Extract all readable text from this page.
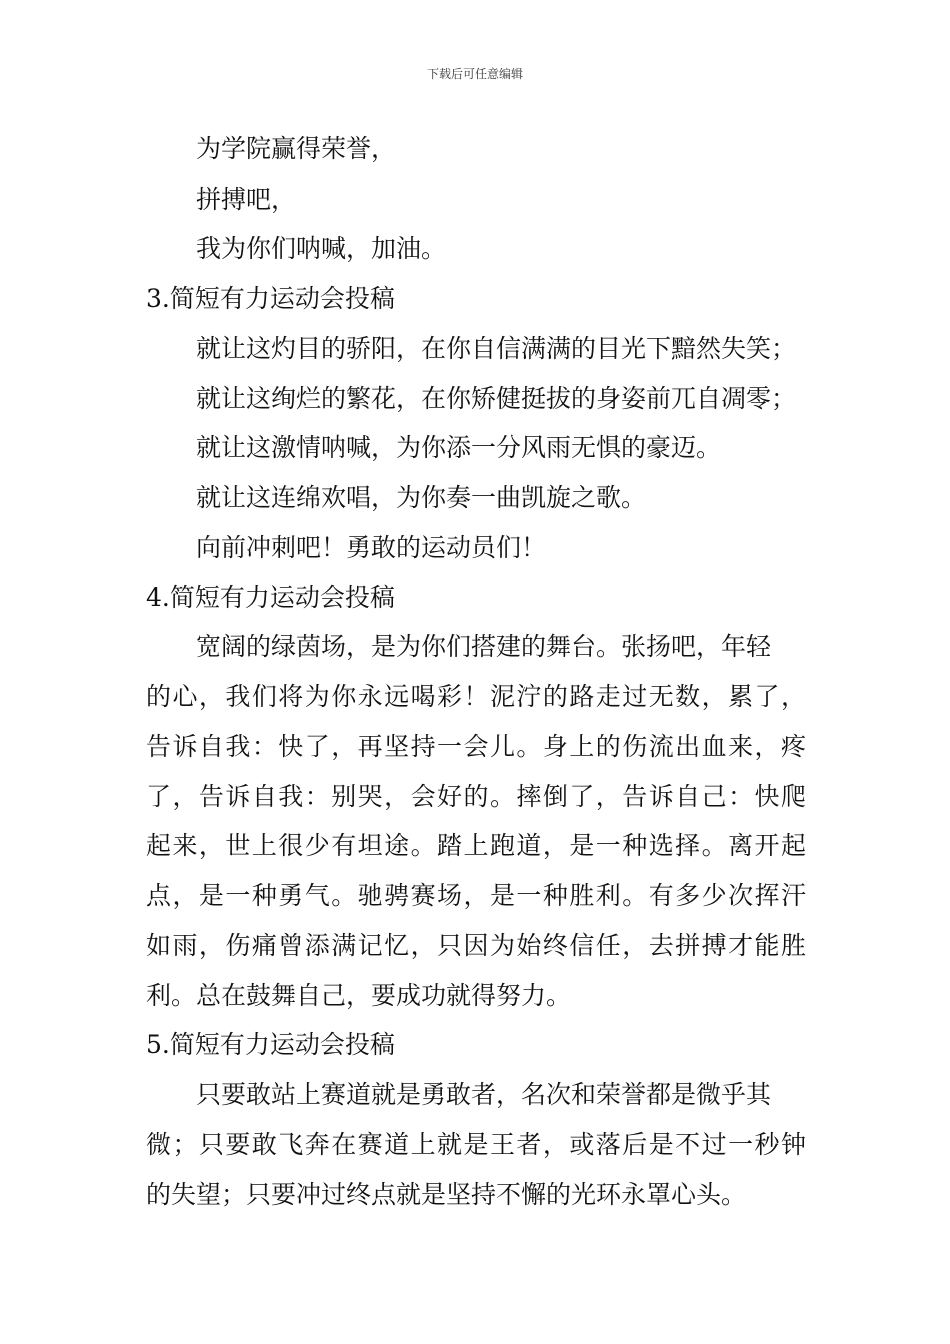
下载后可任意编辑
为学院赢得荣誉，
拼搏吧，
我为你们呐喊，加油。
3.简短有力运动会投稿
就让这灼目的骄阳，在你自信满满的目光下黯然失笑；
就让这绚烂的繁花，在你矫健挺拔的身姿前兀自凋零；
就让这激情呐喊，为你添一分风雨无惧的豪迈。
就让这连绵欢唱，为你奏一曲凯旋之歌。
向前冲刺吧！勇敢的运动员们！
4.简短有力运动会投稿
宽阔的绿茵场，是为你们搭建的舞台。张扬吧，年轻
的心，我们将为你永远喝彩！泥泞的路走过无数，累了，
告诉自我：快了，再坚持一会儿。身上的伤流出血来，疼
了，告诉自我：别哭，会好的。摔倒了，告诉自己：快爬
起来，世上很少有坦途。踏上跑道，是一种选择。离开起
点，是一种勇气。驰骋赛场，是一种胜利。有多少次挥汗
如雨，伤痛曾添满记忆，只因为始终信任，去拼搏才能胜
利。总在鼓舞自己，要成功就得努力。
5.简短有力运动会投稿
只要敢站上赛道就是勇敢者，名次和荣誉都是微乎其
微；只要敢飞奔在赛道上就是王者，或落后是不过一秒钟
的失望；只要冲过终点就是坚持不懈的光环永罩心头。
